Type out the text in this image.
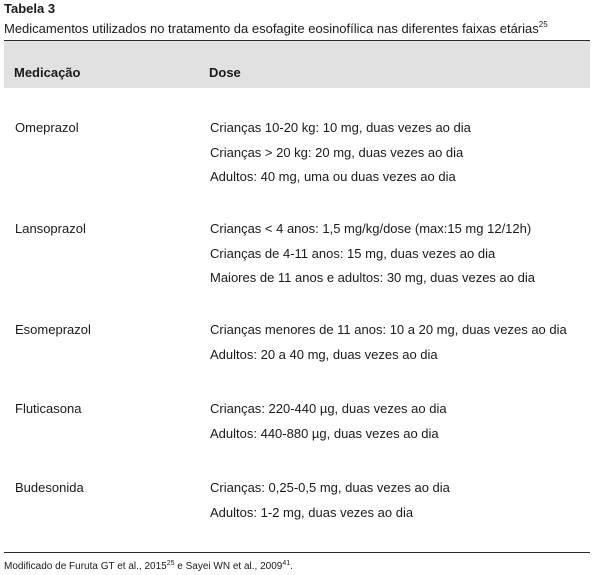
Tabela 3
Medicamentos utilizados no tratamento da esofagite eosinofílica nas diferentes faixas etárias$^{25}$
Medicação	Dose
Omeprazol	Crianças 10-20 kg: 10 mg, duas vezes ao dia
Crianças > 20 kg: 20 mg, duas vezes ao dia
Adultos: 40 mg, uma ou duas vezes ao dia
Lansoprazol	Crianças < 4 anos: 1,5 mg/kg/dose (max:15 mg 12/12h)
Crianças de 4-11 anos: 15 mg, duas vezes ao dia
Maiores de 11 anos e adultos: 30 mg, duas vezes ao dia
Esomeprazol	Crianças menores de 11 anos: 10 a 20 mg, duas vezes ao dia
Adultos: 20 a 40 mg, duas vezes ao dia
Fluticasona	Crianças: 220-440 µg, duas vezes ao dia
Adultos: 440-880 µg, duas vezes ao dia
Budesonida	Crianças: 0,25-0,5 mg, duas vezes ao dia
Adultos: 1-2 mg, duas vezes ao dia
Modificado de Furuta GT et al., 2015$^{25}$ e Sayei WN et al., 2009$^{41}$.
